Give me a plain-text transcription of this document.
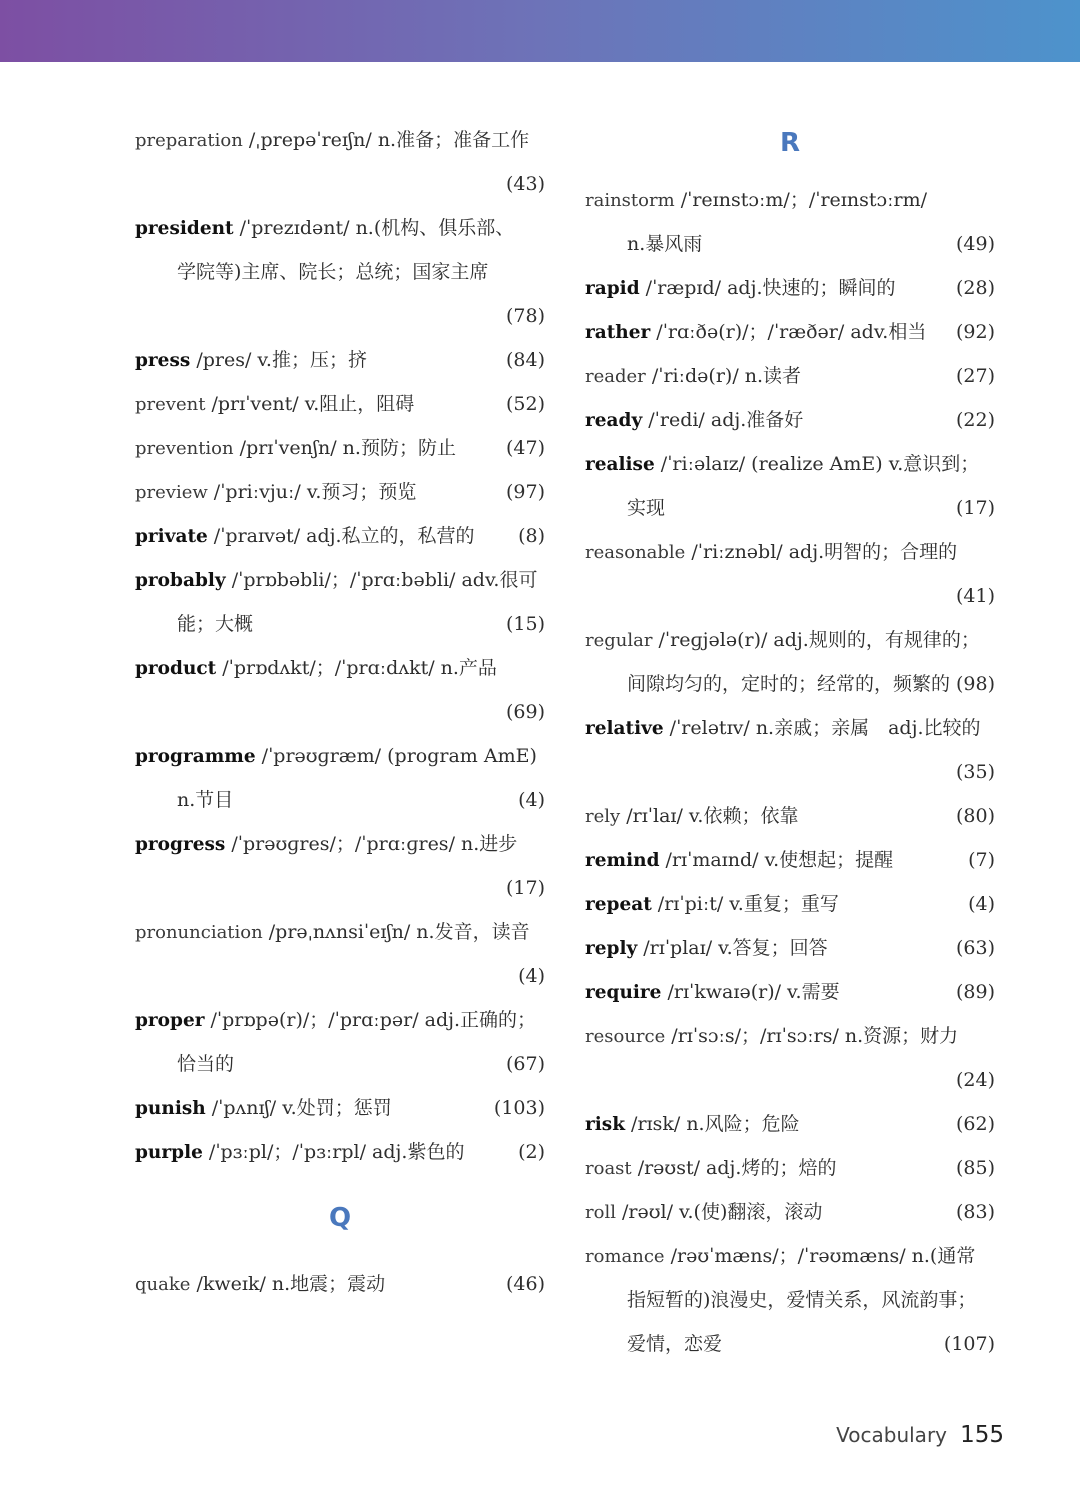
preparation /ˌprepəˈreɪʃn/ n.准备；准备工作
(43)
president /ˈprezɪdənt/ n.(机构、俱乐部、
学院等)主席、院长；总统；国家主席
(78)
press /pres/ v.推；压；挤	(84)
prevent /prɪˈvent/ v.阻止，阻碍	(52)
prevention /prɪˈvenʃn/ n.预防；防止	(47)
preview /ˈpriːvjuː/ v.预习；预览	(97)
private /ˈpraɪvət/ adj.私立的，私营的 (8)
probably /ˈprɒbəbli/；/ˈprɑːbəbli/ adv.很可
能；大概	(15)
product /ˈprɒdʌkt/；/ˈprɑːdʌkt/ n.产品
(69)
programme /ˈprəʊɡræm/ (program AmE)
n.节目	(4)
progress /ˈprəʊɡres/；/ˈprɑːɡres/ n.进步
(17)
pronunciation /prəˌnʌnsiˈeɪʃn/ n.发音，读音
(4)
proper /ˈprɒpə(r)/；/ˈprɑːpər/ adj.正确的；
恰当的	(67)
punish /ˈpʌnɪʃ/ v.处罚；惩罚	(103)
purple /ˈpɜːpl/；/ˈpɜːrpl/ adj.紫色的	(2)
Q
quake /kweɪk/ n.地震；震动	(46)
R
rainstorm /ˈreɪnstɔːm/；/ˈreɪnstɔːrm/
n.暴风雨	(49)
rapid /ˈræpɪd/ adj.快速的；瞬间的	(28)
rather /ˈrɑːðə(r)/；/ˈræðər/ adv.相当 (92)
reader /ˈriːdə(r)/ n.读者	(27)
ready /ˈredi/ adj.准备好	(22)
realise /ˈriːəlaɪz/ (realize AmE) v.意识到；
实现	(17)
reasonable /ˈriːznəbl/ adj.明智的；合理的
(41)
regular /ˈreɡjələ(r)/ adj.规则的，有规律的；
间隙均匀的，定时的；经常的，频繁的 (98)
relative /ˈrelətɪv/ n.亲戚；亲属　adj.比较的
(35)
rely /rɪˈlaɪ/ v.依赖；依靠	(80)
remind /rɪˈmaɪnd/ v.使想起；提醒	(7)
repeat /rɪˈpiːt/ v.重复；重写	(4)
reply /rɪˈplaɪ/ v.答复；回答	(63)
require /rɪˈkwaɪə(r)/ v.需要	(89)
resource /rɪˈsɔːs/；/rɪˈsɔːrs/ n.资源；财力
(24)
risk /rɪsk/ n.风险；危险	(62)
roast /rəʊst/ adj.烤的；焙的	(85)
roll /rəʊl/ v.(使)翻滚，滚动	(83)
romance /rəʊˈmæns/；/ˈrəʊmæns/ n.(通常
指短暂的)浪漫史，爱情关系，风流韵事；
爱情，恋爱	(107)
Vocabulary 155
